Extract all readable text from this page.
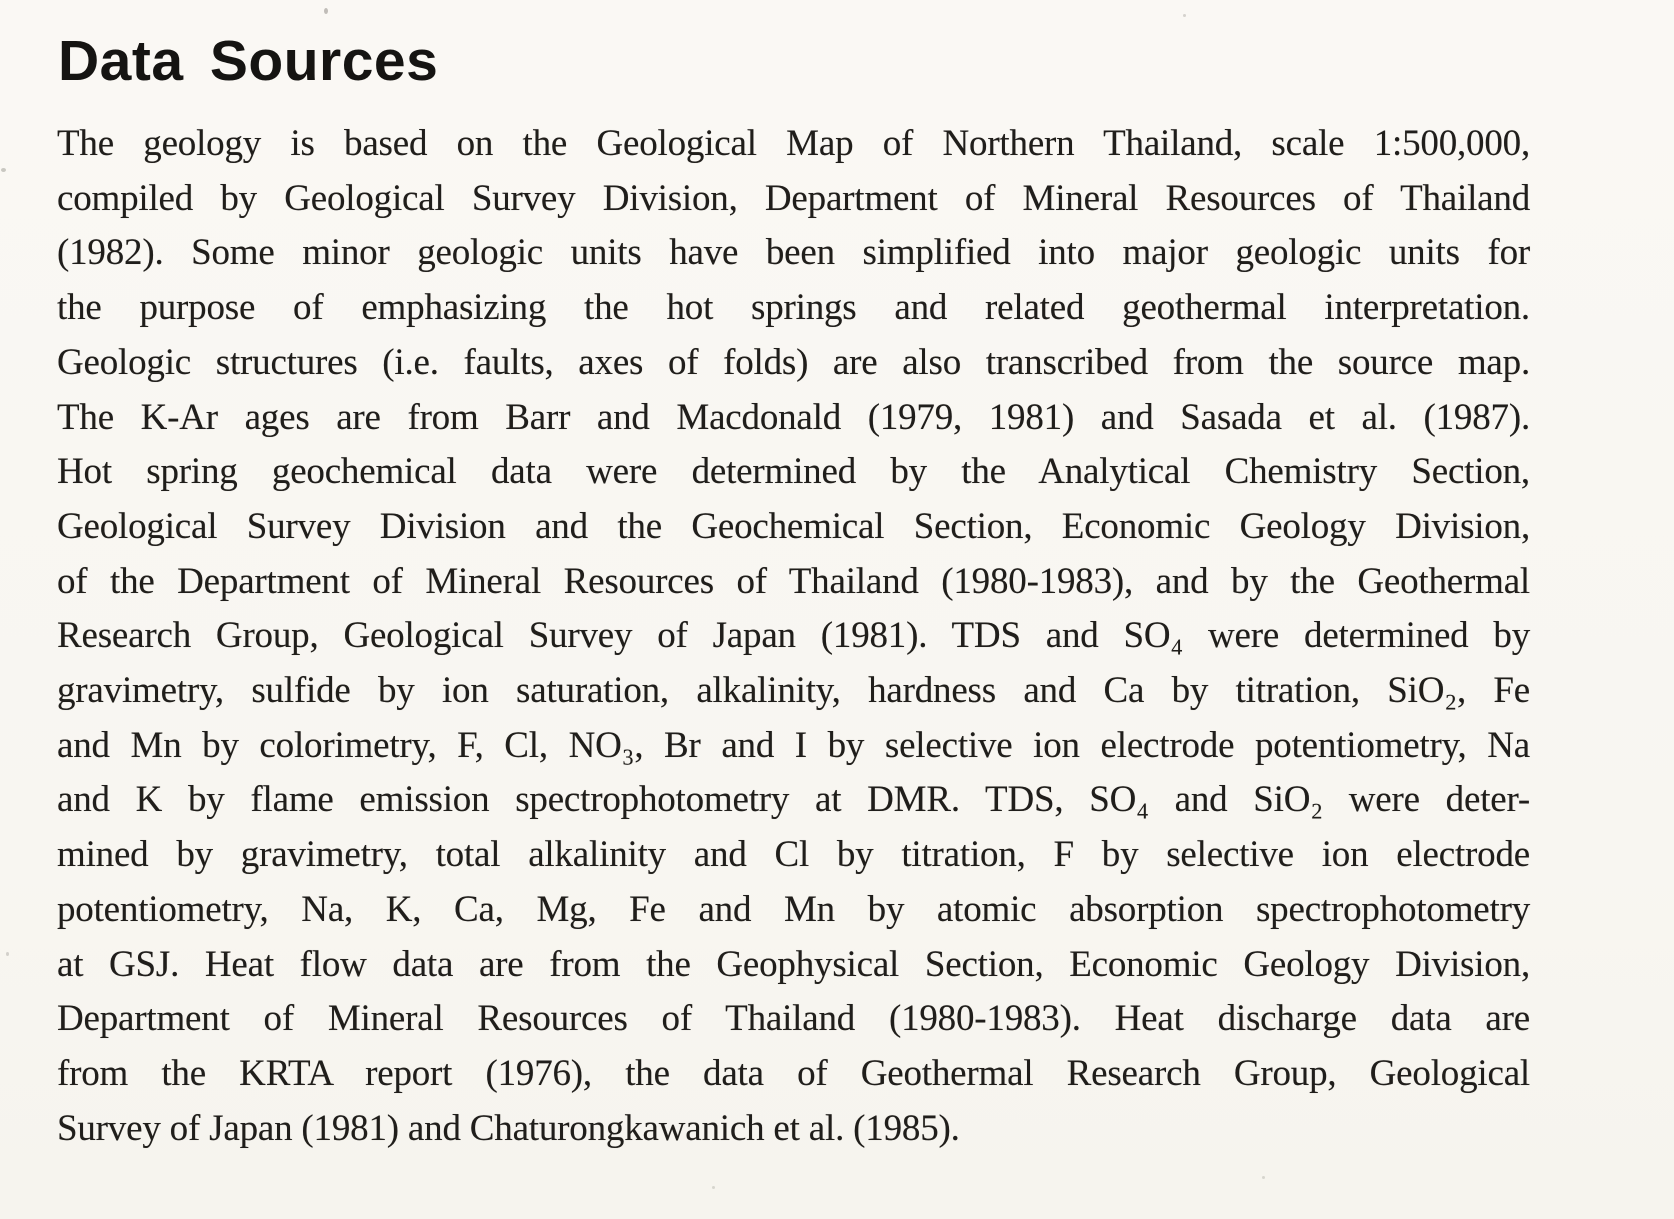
Data Sources
The geology is based on the Geological Map of Northern Thailand, scale 1:500,000,
compiled by Geological Survey Division, Department of Mineral Resources of Thailand
(1982). Some minor geologic units have been simplified into major geologic units for
the purpose of emphasizing the hot springs and related geothermal interpretation.
Geologic structures (i.e. faults, axes of folds) are also transcribed from the source map.
The K-Ar ages are from Barr and Macdonald (1979, 1981) and Sasada et al. (1987).
Hot spring geochemical data were determined by the Analytical Chemistry Section,
Geological Survey Division and the Geochemical Section, Economic Geology Division,
of the Department of Mineral Resources of Thailand (1980-1983), and by the Geothermal
Research Group, Geological Survey of Japan (1981). TDS and SO₄ were determined by
gravimetry, sulfide by ion saturation, alkalinity, hardness and Ca by titration, SiO₂, Fe
and Mn by colorimetry, F, Cl, NO₃, Br and I by selective ion electrode potentiometry, Na
and K by flame emission spectrophotometry at DMR. TDS, SO₄ and SiO₂ were deter-
mined by gravimetry, total alkalinity and Cl by titration, F by selective ion electrode
potentiometry, Na, K, Ca, Mg, Fe and Mn by atomic absorption spectrophotometry
at GSJ. Heat flow data are from the Geophysical Section, Economic Geology Division,
Department of Mineral Resources of Thailand (1980-1983). Heat discharge data are
from the KRTA report (1976), the data of Geothermal Research Group, Geological
Survey of Japan (1981) and Chaturongkawanich et al. (1985).
